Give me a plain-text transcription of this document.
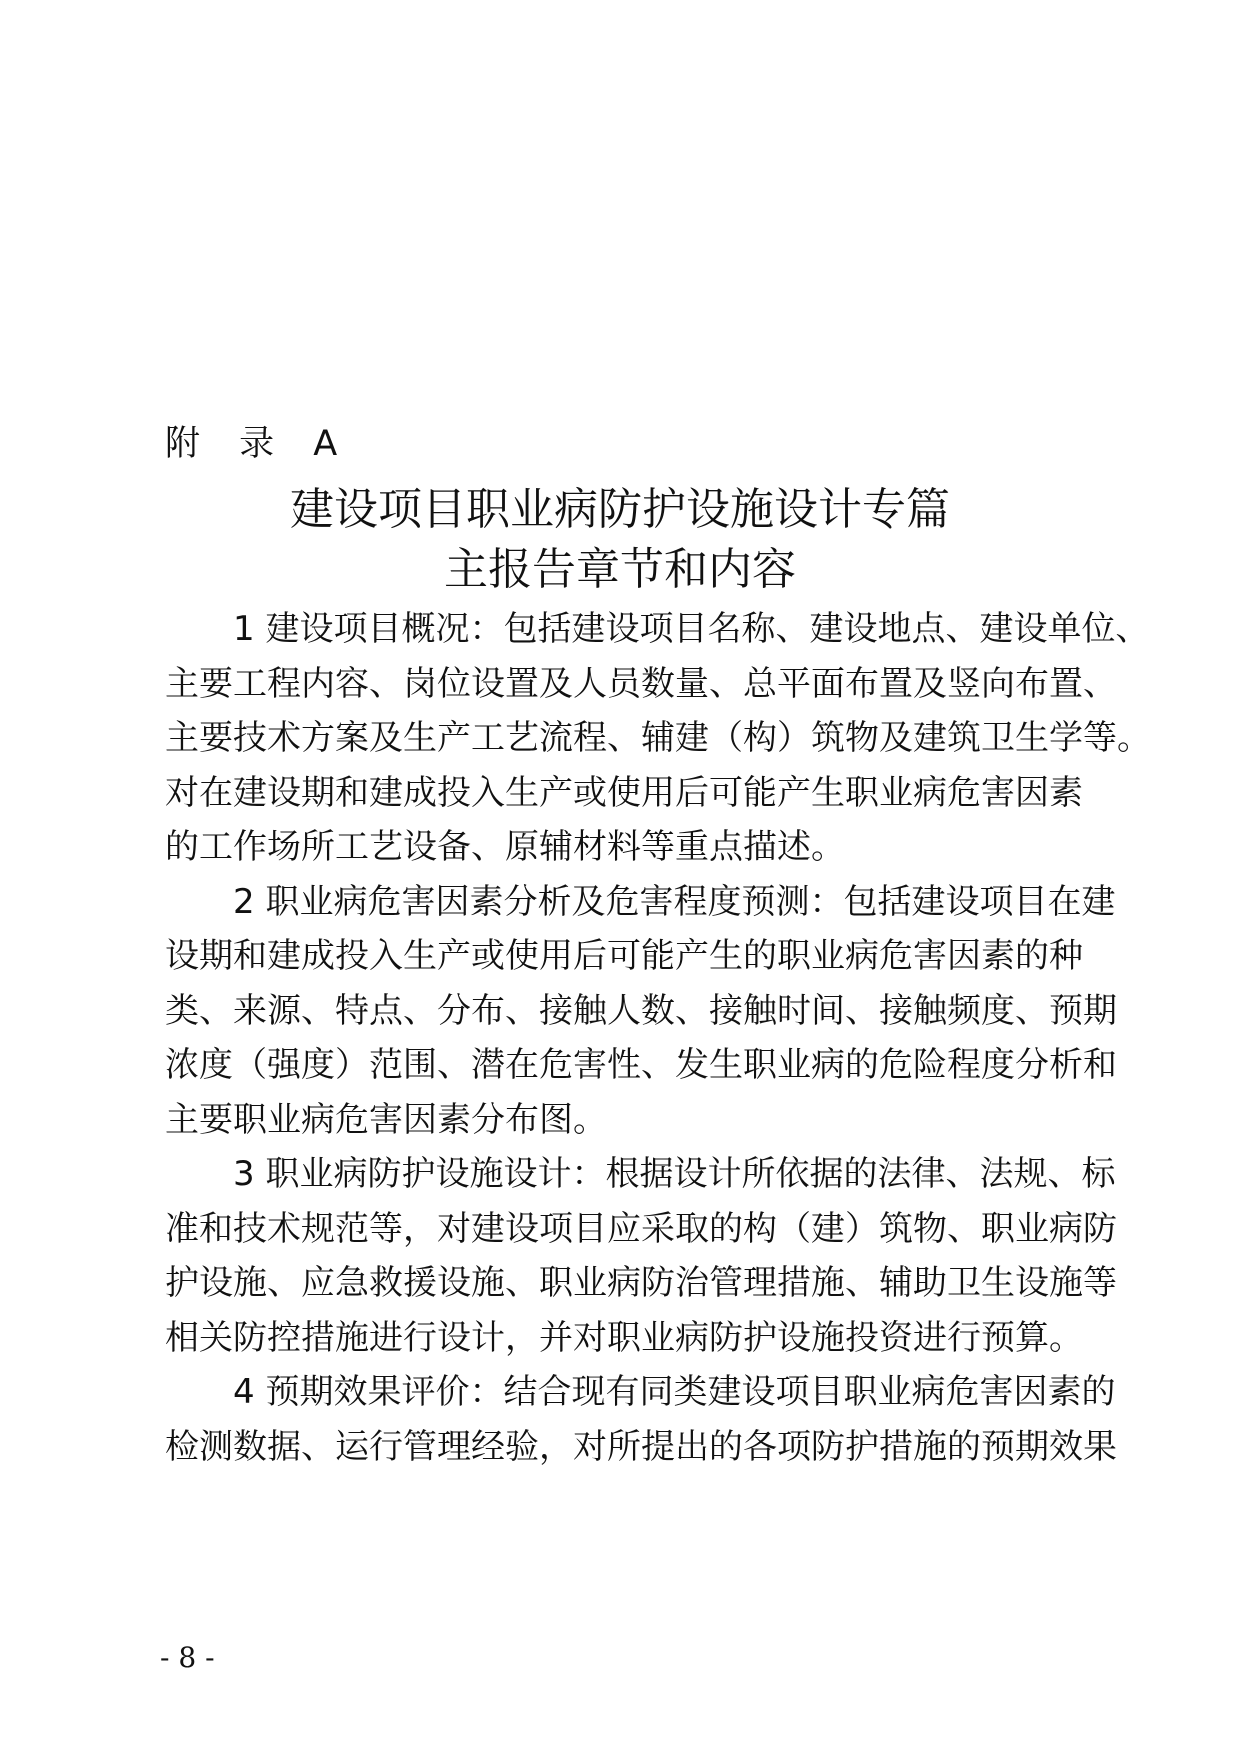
附 录 A
建设项目职业病防护设施设计专篇
主报告章节和内容

　　1 建设项目概况：包括建设项目名称、建设地点、建设单位、
主要工程内容、岗位设置及人员数量、总平面布置及竖向布置、
主要技术方案及生产工艺流程、辅建（构）筑物及建筑卫生学等。
对在建设期和建成投入生产或使用后可能产生职业病危害因素
的工作场所工艺设备、原辅材料等重点描述。

　　2 职业病危害因素分析及危害程度预测：包括建设项目在建
设期和建成投入生产或使用后可能产生的职业病危害因素的种
类、来源、特点、分布、接触人数、接触时间、接触频度、预期
浓度（强度）范围、潜在危害性、发生职业病的危险程度分析和
主要职业病危害因素分布图。

　　3 职业病防护设施设计：根据设计所依据的法律、法规、标
准和技术规范等，对建设项目应采取的构（建）筑物、职业病防
护设施、应急救援设施、职业病防治管理措施、辅助卫生设施等
相关防控措施进行设计，并对职业病防护设施投资进行预算。

　　4 预期效果评价：结合现有同类建设项目职业病危害因素的
检测数据、运行管理经验，对所提出的各项防护措施的预期效果

- 8 -
